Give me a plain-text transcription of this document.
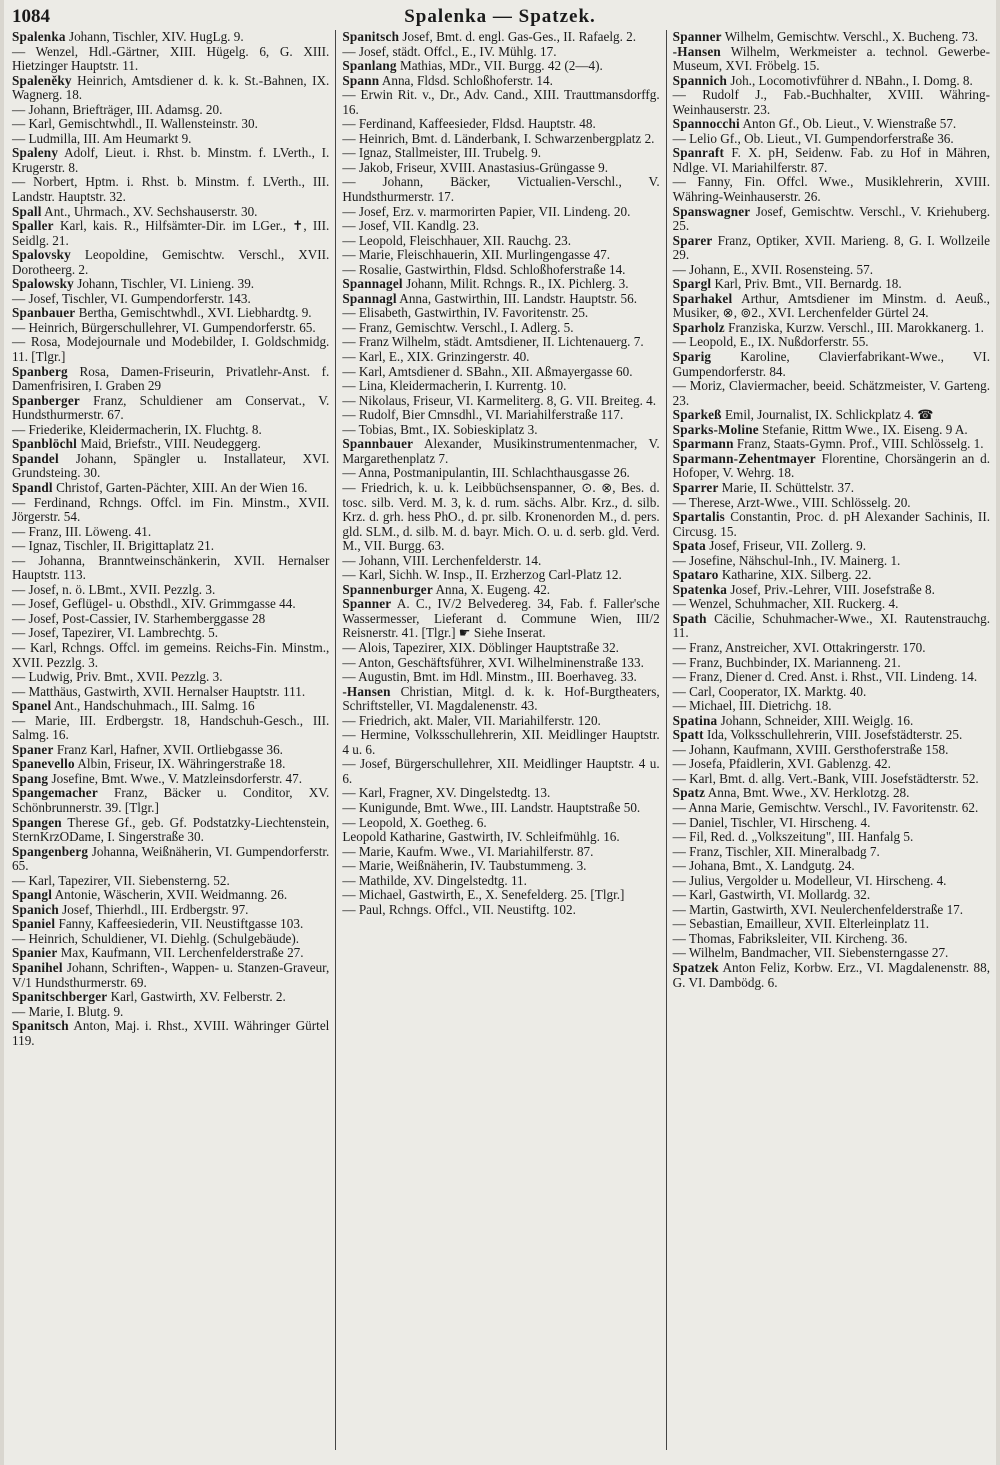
1084	Spalenka — Spatzek.

Spalenka Johann, Tischler, XIV. HugLg. 9.

— Wenzel, Hdl.-Gärtner, XIII. Hügelg. 6, G. XIII. Hietzinger Hauptstr. 11.

Spaleněky Heinrich, Amtsdiener d. k. k. St.-Bahnen, IX. Wagnerg. 18.

— Johann, Briefträger, III. Adamsg. 20.

— Karl, Gemischtwhdl., II. Wallensteinstr. 30.

— Ludmilla, III. Am Heumarkt 9.

Spaleny Adolf, Lieut. i. Rhst. b. Minstm. f. LVerth., I. Krugerstr. 8.

— Norbert, Hptm. i. Rhst. b. Minstm. f. LVerth., III. Landstr. Hauptstr. 32.

Spall Ant., Uhrmach., XV. Sechshauserstr. 30.

Spaller Karl, kais. R., Hilfsämter-Dir. im LGer., ✝, III. Seidlg. 21.

Spalovsky Leopoldine, Gemischtw. Verschl., XVII. Dorotheerg. 2.

Spalowsky Johann, Tischler, VI. Linieng. 39.

— Josef, Tischler, VI. Gumpendorferstr. 143.

Spanbauer Bertha, Gemischtwhdl., XVI. Liebhardtg. 9.

— Heinrich, Bürgerschullehrer, VI. Gumpendorferstr. 65.

— Rosa, Modejournale und Modebilder, I. Goldschmidg. 11. [Tlgr.]

Spanberg Rosa, Damen-Friseurin, Privatlehr-Anst. f. Damenfrisiren, I. Graben 29

Spanberger Franz, Schuldiener am Conservat., V. Hundsthurmerstr. 67.

— Friederike, Kleidermacherin, IX. Fluchtg. 8.

Spanblöchl Maid, Briefstr., VIII. Neudeggerg.

Spandel Johann, Spängler u. Installateur, XVI. Grundsteing. 30.

Spandl Christof, Garten-Pächter, XIII. An der Wien 16.

— Ferdinand, Rchngs. Offcl. im Fin. Minstm., XVII. Jörgerstr. 54.

— Franz, III. Löweng. 41.

— Ignaz, Tischler, II. Brigittaplatz 21.

— Johanna, Branntweinschänkerin, XVII. Hernalser Hauptstr. 113.

— Josef, n. ö. LBmt., XVII. Pezzlg. 3.

— Josef, Geflügel- u. Obsthdl., XIV. Grimmgasse 44.

— Josef, Post-Cassier, IV. Starhemberggasse 28

— Josef, Tapezirer, VI. Lambrechtg. 5.

— Karl, Rchngs. Offcl. im gemeins. Reichs-Fin. Minstm., XVII. Pezzlg. 3.

— Ludwig, Priv. Bmt., XVII. Pezzlg. 3.

— Matthäus, Gastwirth, XVII. Hernalser Hauptstr. 111.

Spanel Ant., Handschuhmach., III. Salmg. 16

— Marie, III. Erdbergstr. 18, Handschuh-Gesch., III. Salmg. 16.

Spaner Franz Karl, Hafner, XVII. Ortliebgasse 36.

Spanevello Albin, Friseur, IX. Währingerstraße 18.

Spang Josefine, Bmt. Wwe., V. Matzleinsdorferstr. 47.

Spangemacher Franz, Bäcker u. Conditor, XV. Schönbrunnerstr. 39. [Tlgr.]

Spangen Therese Gf., geb. Gf. Podstatzky-Liechtenstein, SternKrzODame, I. Singerstraße 30.

Spangenberg Johanna, Weißnäherin, VI. Gumpendorferstr. 65.

— Karl, Tapezirer, VII. Siebensterng. 52.

Spangl Antonie, Wäscherin, XVII. Weidmanng. 26.

Spanich Josef, Thierhdl., III. Erdbergstr. 97.

Spaniel Fanny, Kaffeesiederin, VII. Neustiftgasse 103.

— Heinrich, Schuldiener, VI. Diehlg. (Schulgebäude).

Spanier Max, Kaufmann, VII. Lerchenfelderstraße 27.

Spanihel Johann, Schriften-, Wappen- u. Stanzen-Graveur, V/1 Hundsthurmerstr. 69.

Spanitschberger Karl, Gastwirth, XV. Felberstr. 2.

— Marie, I. Blutg. 9.

Spanitsch Anton, Maj. i. Rhst., XVIII. Währinger Gürtel 119.

Spanitsch Josef, Bmt. d. engl. Gas-Ges., II. Rafaelg. 2.

— Josef, städt. Offcl., E., IV. Mühlg. 17.

Spanlang Mathias, MDr., VII. Burgg. 42 (2—4).

Spann Anna, Fldsd. Schloßhoferstr. 14.

— Erwin Rit. v., Dr., Adv. Cand., XIII. Trauttmansdorffg. 16.

— Ferdinand, Kaffeesieder, Fldsd. Hauptstr. 48.

— Heinrich, Bmt. d. Länderbank, I. Schwarzenbergplatz 2.

— Ignaz, Stallmeister, III. Trubelg. 9.

— Jakob, Friseur, XVIII. Anastasius-Grüngasse 9.

— Johann, Bäcker, Victualien-Verschl., V. Hundsthurmerstr. 17.

— Josef, Erz. v. marmorirten Papier, VII. Lindeng. 20.

— Josef, VII. Kandlg. 23.

— Leopold, Fleischhauer, XII. Rauchg. 23.

— Marie, Fleischhauerin, XII. Murlingengasse 47.

— Rosalie, Gastwirthin, Fldsd. Schloßhoferstraße 14.

Spannagel Johann, Milit. Rchngs. R., IX. Pichlerg. 3.

Spannagl Anna, Gastwirthin, III. Landstr. Hauptstr. 56.

— Elisabeth, Gastwirthin, IV. Favoritenstr. 25.

— Franz, Gemischtw. Verschl., I. Adlerg. 5.

— Franz Wilhelm, städt. Amtsdiener, II. Lichtenauerg. 7.

— Karl, E., XIX. Grinzingerstr. 40.

— Karl, Amtsdiener d. SBahn., XII. Aßmayergasse 60.

— Lina, Kleidermacherin, I. Kurrentg. 10.

— Nikolaus, Friseur, VI. Karmeliterg. 8, G. VII. Breiteg. 4.

— Rudolf, Bier Cmnsdhl., VI. Mariahilferstraße 117.

— Tobias, Bmt., IX. Sobieskiplatz 3.

Spannbauer Alexander, Musikinstrumentenmacher, V. Margarethenplatz 7.

— Anna, Postmanipulantin, III. Schlachthausgasse 26.

— Friedrich, k. u. k. Leibbüchsenspanner, ⊙. ⊗, Bes. d. tosc. silb. Verd. M. 3, k. d. rum. sächs. Albr. Krz., d. silb. Krz. d. grh. hess PhO., d. pr. silb. Kronenorden M., d. pers. gld. SLM., d. silb. M. d. bayr. Mich. O. u. d. serb. gld. Verd. M., VII. Burgg. 63.

— Johann, VIII. Lerchenfelderstr. 14.

— Karl, Sichh. W. Insp., II. Erzherzog Carl-Platz 12.

Spannenburger Anna, X. Eugeng. 42.

Spanner A. C., IV/2 Belvedereg. 34, Fab. f. Faller'sche Wassermesser, Lieferant d. Commune Wien, III/2 Reisnerstr. 41. [Tlgr.] ☛ Siehe Inserat.

— Alois, Tapezirer, XIX. Döblinger Hauptstraße 32.

— Anton, Geschäftsführer, XVI. Wilhelminenstraße 133.

— Augustin, Bmt. im Hdl. Minstm., III. Boerhaveg. 33.

-Hansen Christian, Mitgl. d. k. k. Hof-Burgtheaters, Schriftsteller, VI. Magdalenenstr. 43.

— Friedrich, akt. Maler, VII. Mariahilferstr. 120.

— Hermine, Volksschullehrerin, XII. Meidlinger Hauptstr. 4 u. 6.

— Josef, Bürgerschullehrer, XII. Meidlinger Hauptstr. 4 u. 6.

— Karl, Fragner, XV. Dingelstedtg. 13.

— Kunigunde, Bmt. Wwe., III. Landstr. Hauptstraße 50.

— Leopold, X. Goetheg. 6.

Leopold Katharine, Gastwirth, IV. Schleifmühlg. 16.

— Marie, Kaufm. Wwe., VI. Mariahilferstr. 87.

— Marie, Weißnäherin, IV. Taubstummeng. 3.

— Mathilde, XV. Dingelstedtg. 11.

— Michael, Gastwirth, E., X. Senefelderg. 25. [Tlgr.]

— Paul, Rchngs. Offcl., VII. Neustiftg. 102.

Spanner Wilhelm, Gemischtw. Verschl., X. Bucheng. 73.

-Hansen Wilhelm, Werkmeister a. technol. Gewerbe-Museum, XVI. Fröbelg. 15.

Spannich Joh., Locomotivführer d. NBahn., I. Domg. 8.

— Rudolf J., Fab.-Buchhalter, XVIII. Währing-Weinhauserstr. 23.

Spannocchi Anton Gf., Ob. Lieut., V. Wienstraße 57.

— Lelio Gf., Ob. Lieut., VI. Gumpendorferstraße 36.

Spanraft F. X. pH, Seidenw. Fab. zu Hof in Mähren, Ndlge. VI. Mariahilferstr. 87.

— Fanny, Fin. Offcl. Wwe., Musiklehrerin, XVIII. Währing-Weinhauserstr. 26.

Spanswagner Josef, Gemischtw. Verschl., V. Kriehuberg. 25.

Sparer Franz, Optiker, XVII. Marieng. 8, G. I. Wollzeile 29.

— Johann, E., XVII. Rosensteing. 57.

Spargl Karl, Priv. Bmt., VII. Bernardg. 18.

Sparhakel Arthur, Amtsdiener im Minstm. d. Aeuß., Musiker, ⊗, ⊚2., XVI. Lerchenfelder Gürtel 24.

Sparholz Franziska, Kurzw. Verschl., III. Marokkanerg. 1.

— Leopold, E., IX. Nußdorferstr. 55.

Sparig Karoline, Clavierfabrikant-Wwe., VI. Gumpendorferstr. 84.

— Moriz, Claviermacher, beeid. Schätzmeister, V. Garteng. 23.

Sparkeß Emil, Journalist, IX. Schlickplatz 4. ☎

Sparks-Moline Stefanie, Rittm Wwe., IX. Eiseng. 9 A.

Sparmann Franz, Staats-Gymn. Prof., VIII. Schlösselg. 1.

Sparmann-Zehentmayer Florentine, Chorsängerin an d. Hofoper, V. Wehrg. 18.

Sparrer Marie, II. Schüttelstr. 37.

— Therese, Arzt-Wwe., VIII. Schlösselg. 20.

Spartalis Constantin, Proc. d. pH Alexander Sachinis, II. Circusg. 15.

Spata Josef, Friseur, VII. Zollerg. 9.

— Josefine, Nähschul-Inh., IV. Mainerg. 1.

Spataro Katharine, XIX. Silberg. 22.

Spatenka Josef, Priv.-Lehrer, VIII. Josefstraße 8.

— Wenzel, Schuhmacher, XII. Ruckerg. 4.

Spath Cäcilie, Schuhmacher-Wwe., XI. Rautenstrauchg. 11.

— Franz, Anstreicher, XVI. Ottakringerstr. 170.

— Franz, Buchbinder, IX. Marianneng. 21.

— Franz, Diener d. Cred. Anst. i. Rhst., VII. Lindeng. 14.

— Carl, Cooperator, IX. Marktg. 40.

— Michael, III. Dietrichg. 18.

Spatina Johann, Schneider, XIII. Weiglg. 16.

Spatt Ida, Volksschullehrerin, VIII. Josefstädterstr. 25.

— Johann, Kaufmann, XVIII. Gersthoferstraße 158.

— Josefa, Pfaidlerin, XVI. Gablenzg. 42.

— Karl, Bmt. d. allg. Vert.-Bank, VIII. Josefstädterstr. 52.

Spatz Anna, Bmt. Wwe., XV. Herklotzg. 28.

— Anna Marie, Gemischtw. Verschl., IV. Favoritenstr. 62.

— Daniel, Tischler, VI. Hirscheng. 4.

— Fil, Red. d. „Volkszeitung", III. Hanfalg 5.

— Franz, Tischler, XII. Mineralbadg 7.

— Johana, Bmt., X. Landgutg. 24.

— Julius, Vergolder u. Modelleur, VI. Hirscheng. 4.

— Karl, Gastwirth, VI. Mollardg. 32.

— Martin, Gastwirth, XVI. Neulerchenfelderstraße 17.

— Sebastian, Emailleur, XVII. Elterleinplatz 11.

— Thomas, Fabriksleiter, VII. Kircheng. 36.

— Wilhelm, Bandmacher, VII. Siebensterngasse 27.

Spatzek Anton Feliz, Korbw. Erz., VI. Magdalenenstr. 88, G. VI. Dambödg. 6.
